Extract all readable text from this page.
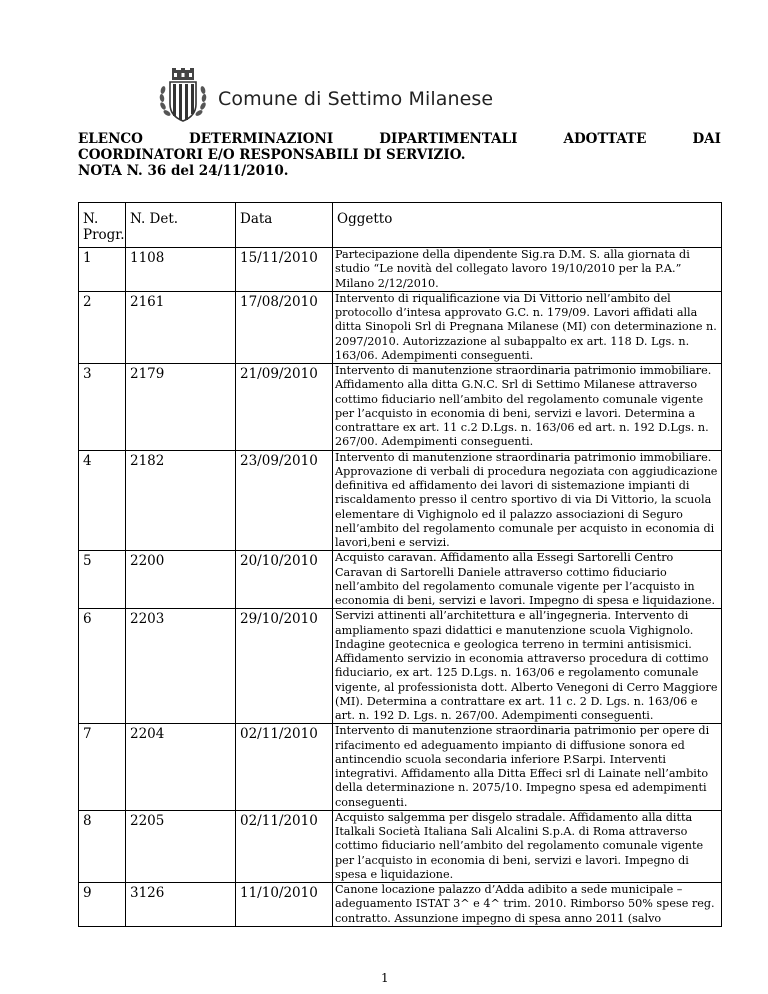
Comune di Settimo Milanese
ELENCO	DETERMINAZIONI	DIPARTIMENTALI	ADOTTATE	DAI
COORDINATORI E/O RESPONSABILI DI SERVIZIO.
NOTA N. 36 del 24/11/2010.
N. Progr.	N. Det.	Data	Oggetto
1	1108	15/11/2010	Partecipazione della dipendente Sig.ra D.M. S. alla giornata di studio “Le novità del collegato lavoro 19/10/2010 per la P.A.” Milano 2/12/2010.
2	2161	17/08/2010	Intervento di riqualificazione via Di Vittorio nell’ambito del protocollo d’intesa approvato G.C. n. 179/09. Lavori affidati alla ditta Sinopoli Srl di Pregnana Milanese (MI) con determinazione n. 2097/2010. Autorizzazione al subappalto ex art. 118 D. Lgs. n. 163/06. Adempimenti conseguenti.
3	2179	21/09/2010	Intervento di manutenzione straordinaria patrimonio immobiliare. Affidamento alla ditta G.N.C. Srl di Settimo Milanese attraverso cottimo fiduciario nell’ambito del regolamento comunale vigente per l’acquisto in economia di beni, servizi e lavori. Determina a contrattare ex art. 11 c.2 D.Lgs. n. 163/06 ed art. n. 192 D.Lgs. n. 267/00. Adempimenti conseguenti.
4	2182	23/09/2010	Intervento di manutenzione straordinaria patrimonio immobiliare. Approvazione di verbali di procedura negoziata con aggiudicazione definitiva ed affidamento dei lavori di sistemazione impianti di riscaldamento presso il centro sportivo di via Di Vittorio, la scuola elementare di Vighignolo ed il palazzo associazioni di Seguro nell’ambito del regolamento comunale per acquisto in economia di lavori,beni e servizi.
5	2200	20/10/2010	Acquisto caravan. Affidamento alla Essegi Sartorelli Centro Caravan di Sartorelli Daniele attraverso cottimo fiduciario nell’ambito del regolamento comunale vigente per l’acquisto in economia di beni, servizi e lavori. Impegno di spesa e liquidazione.
6	2203	29/10/2010	Servizi attinenti all’architettura e all’ingegneria. Intervento di ampliamento spazi didattici e manutenzione scuola Vighignolo. Indagine geotecnica e geologica terreno in termini antisismici. Affidamento servizio in economia attraverso procedura di cottimo fiduciario, ex art. 125 D.Lgs. n. 163/06 e regolamento comunale vigente, al professionista dott. Alberto Venegoni di Cerro Maggiore (MI). Determina a contrattare ex art. 11 c. 2 D. Lgs. n. 163/06 e art. n. 192 D. Lgs. n. 267/00. Adempimenti conseguenti.
7	2204	02/11/2010	Intervento di manutenzione straordinaria patrimonio per opere di rifacimento ed adeguamento impianto di diffusione sonora ed antincendio scuola secondaria inferiore P.Sarpi. Interventi integrativi. Affidamento alla Ditta Effeci srl di Lainate nell’ambito della determinazione n. 2075/10. Impegno spesa ed adempimenti conseguenti.
8	2205	02/11/2010	Acquisto salgemma per disgelo stradale. Affidamento alla ditta Italkali Società Italiana Sali Alcalini S.p.A. di Roma attraverso cottimo fiduciario nell’ambito del regolamento comunale vigente per l’acquisto in economia di beni, servizi e lavori. Impegno di spesa e liquidazione.
9	3126	11/10/2010	Canone locazione palazzo d’Adda adibito a sede municipale – adeguamento ISTAT 3^ e 4^ trim. 2010. Rimborso 50% spese reg. contratto. Assunzione impegno di spesa anno 2011 (salvo
1
